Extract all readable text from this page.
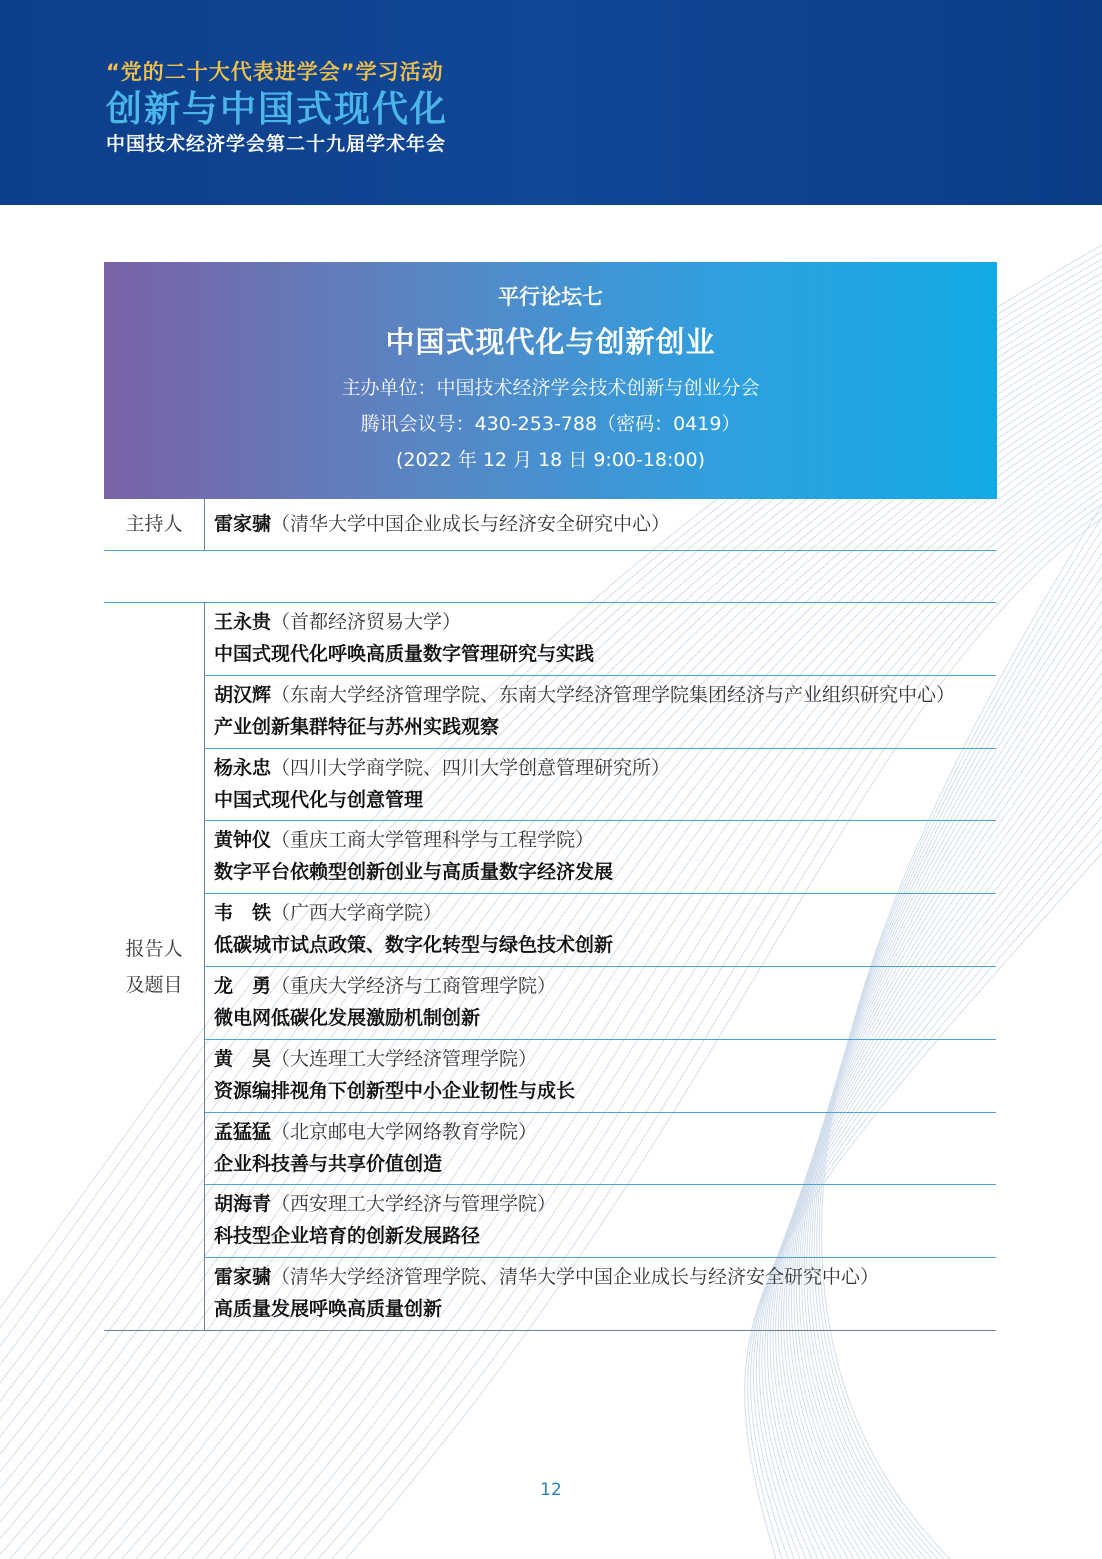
“党的二十大代表进学会”学习活动
创新与中国式现代化
中国技术经济学会第二十九届学术年会
平行论坛七
中国式现代化与创新创业
主办单位：中国技术经济学会技术创新与创业分会
腾讯会议号：430-253-788（密码：0419）
(2022 年 12 月 18 日 9:00-18:00)
主持人	雷家骕（清华大学中国企业成长与经济安全研究中心）
报告人
及题目
王永贵（首都经济贸易大学）
中国式现代化呼唤高质量数字管理研究与实践
胡汉辉（东南大学经济管理学院、东南大学经济管理学院集团经济与产业组织研究中心）
产业创新集群特征与苏州实践观察
杨永忠（四川大学商学院、四川大学创意管理研究所）
中国式现代化与创意管理
黄钟仪（重庆工商大学管理科学与工程学院）
数字平台依赖型创新创业与高质量数字经济发展
韦　铁（广西大学商学院）
低碳城市试点政策、数字化转型与绿色技术创新
龙　勇（重庆大学经济与工商管理学院）
微电网低碳化发展激励机制创新
黄　昊（大连理工大学经济管理学院）
资源编排视角下创新型中小企业韧性与成长
孟猛猛（北京邮电大学网络教育学院）
企业科技善与共享价值创造
胡海青（西安理工大学经济与管理学院）
科技型企业培育的创新发展路径
雷家骕（清华大学经济管理学院、清华大学中国企业成长与经济安全研究中心）
高质量发展呼唤高质量创新
12
